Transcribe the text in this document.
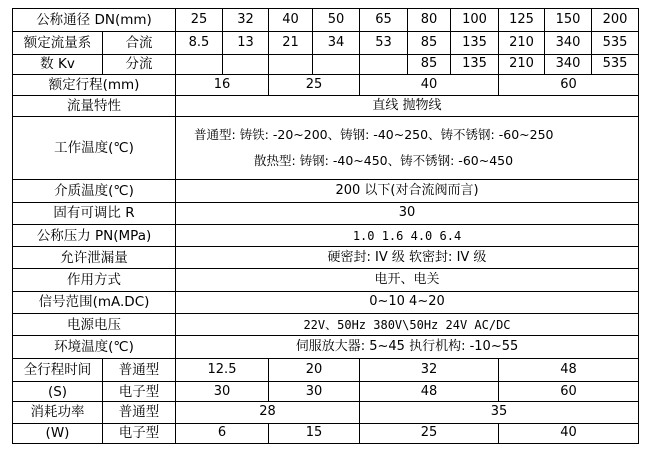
公称通径 DN(mm)		25	32	40	50	65	80	100	125	150	200
额定流量系	合流	8.5	13	21	34	53	85	135	210	340	535
数 Kv	分流						85	135	210	340	535
额定行程(mm)		16		25		40			60		
流量特性		直线 抛物线									
工作温度(℃)		普通型: 铸铁: -20~200、铸钢: -40~250、铸不锈钢: -60~250
散热型: 铸钢: -40~450、铸不锈钢: -60~450									

介质温度(℃)		200 以下(对合流阀而言)									
固有可调比 R		30									
公称压力 PN(MPa)		1.0 1.6 4.0 6.4									
允许泄漏量		硬密封: IV 级 软密封: IV 级									
作用方式		电开、电关									
信号范围(mA.DC)		0~10 4~20									
电源电压		22V、50Hz 380V\50Hz 24V AC/DC									
环境温度(℃)		伺服放大器: 5~45 执行机构: -10~55									
全行程时间	普通型	12.5		20		32			48		
(S)	电子型	30		30		48			60		
消耗功率	普通型	28				35					
(W)	电子型	6		15		25			40		
